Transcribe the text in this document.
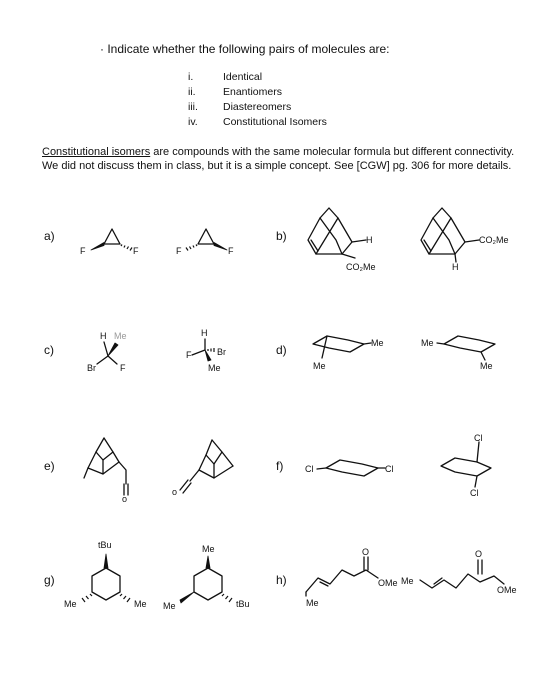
· Indicate whether the following pairs of molecules are:
i.	Identical
ii.	Enantiomers
iii. Diastereomers
iv. Constitutional Isomers
Constitutional isomers are compounds with the same molecular formula but different connectivity. We did not discuss them in class, but it is a simple concept. See [CGW] pg. 306 for more details.
a)	b)
c)	d)
e)	f)
g)	h)
F	F	F	F
H
CO₂Me
CO₂Me
H
H Me
Br	F
H
F	Br
Me
Me
Me
Me
Me
o
o
Cl	Cl
Cl
Cl
tBu
Me	Me
Me
Me	tBu
O
OMe
Me
O
OMe
Me
